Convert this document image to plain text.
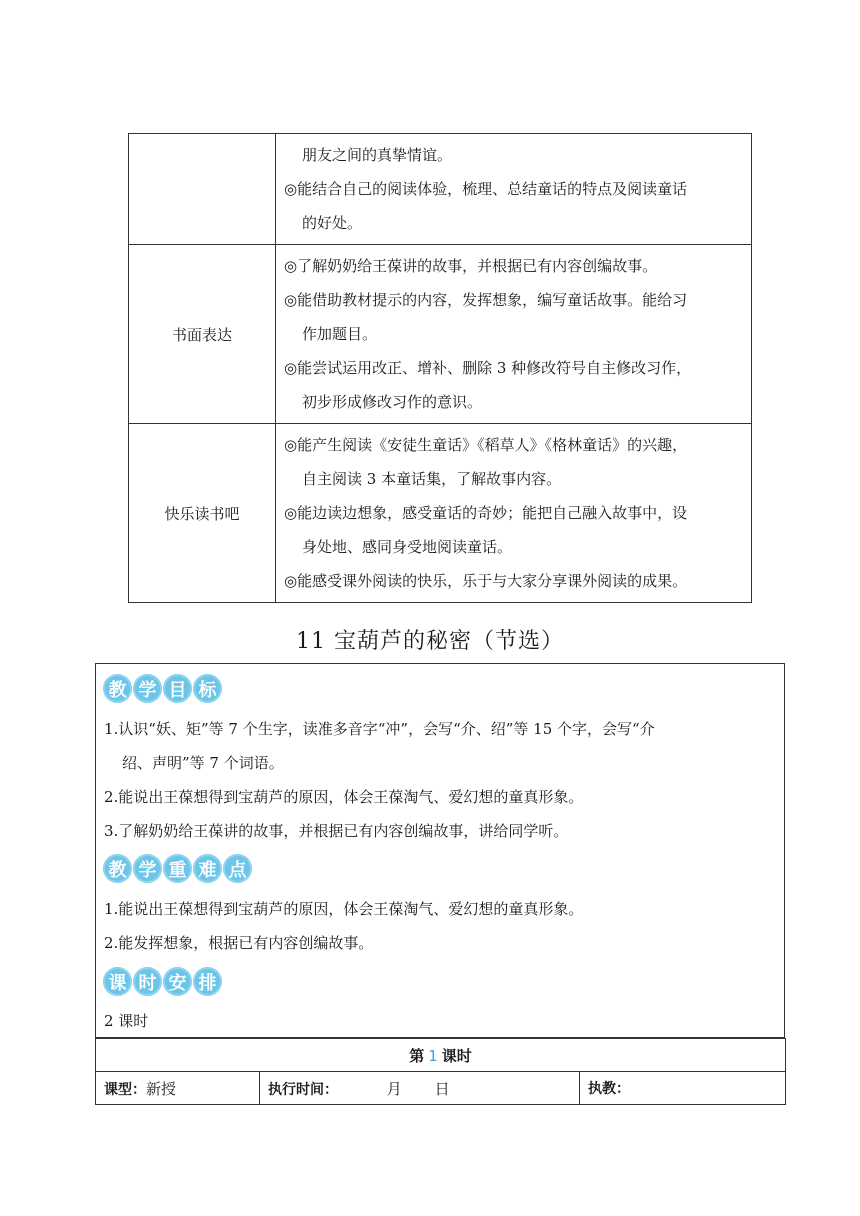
	朋友之间的真挚情谊。
◎能结合自己的阅读体验，梳理、总结童话的特点及阅读童话
的好处。

书面表达	◎了解奶奶给王葆讲的故事，并根据已有内容创编故事。
◎能借助教材提示的内容，发挥想象，编写童话故事。能给习
作加题目。
◎能尝试运用改正、增补、删除 3 种修改符号自主修改习作，
初步形成修改习作的意识。

快乐读书吧	◎能产生阅读《安徒生童话》《稻草人》《格林童话》的兴趣，
自主阅读 3 本童话集，了解故事内容。
◎能边读边想象，感受童话的奇妙；能把自己融入故事中，设
身处地、感同身受地阅读童话。
◎能感受课外阅读的快乐，乐于与大家分享课外阅读的成果。
11 宝葫芦的秘密（节选）
教 学 目 标
1.认识“妖、矩”等 7 个生字，读准多音字“冲”，会写“介、绍”等 15 个字，会写“介
绍、声明”等 7 个词语。
2.能说出王葆想得到宝葫芦的原因，体会王葆淘气、爱幻想的童真形象。
3.了解奶奶给王葆讲的故事，并根据已有内容创编故事，讲给同学听。
教 学 重 难 点
1.能说出王葆想得到宝葫芦的原因，体会王葆淘气、爱幻想的童真形象。
2.能发挥想象，根据已有内容创编故事。
课 时 安 排
2 课时
第 1 课时
课型：新授	执行时间：	月 日	执教：
